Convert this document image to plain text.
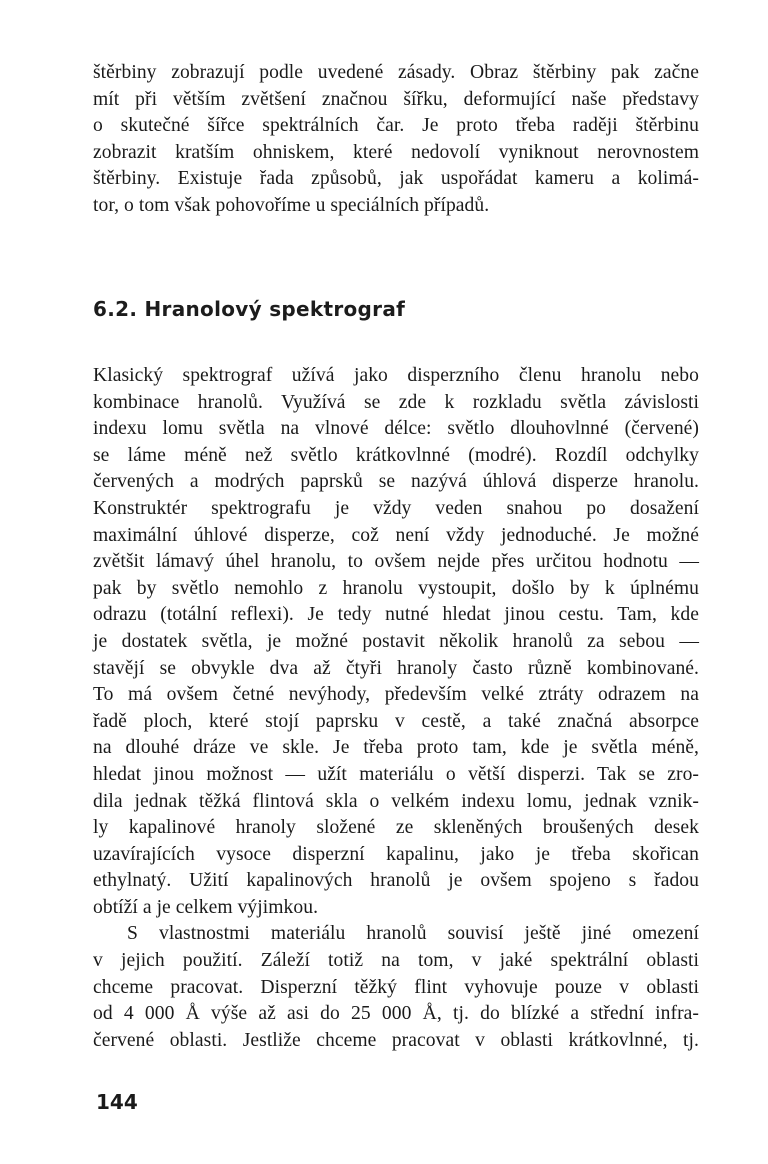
štěrbiny zobrazují podle uvedené zásady. Obraz štěrbiny pak začne
mít při větším zvětšení značnou šířku, deformující naše představy
o skutečné šířce spektrálních čar. Je proto třeba raději štěrbinu
zobrazit kratším ohniskem, které nedovolí vyniknout nerovnostem
štěrbiny. Existuje řada způsobů, jak uspořádat kameru a kolimá-
tor, o tom však pohovoříme u speciálních případů.
6.2. Hranolový spektrograf
Klasický spektrograf užívá jako disperzního členu hranolu nebo
kombinace hranolů. Využívá se zde k rozkladu světla závislosti
indexu lomu světla na vlnové délce: světlo dlouhovlnné (červené)
se láme méně než světlo krátkovlnné (modré). Rozdíl odchylky
červených a modrých paprsků se nazývá úhlová disperze hranolu.
Konstruktér spektrografu je vždy veden snahou po dosažení
maximální úhlové disperze, což není vždy jednoduché. Je možné
zvětšit lámavý úhel hranolu, to ovšem nejde přes určitou hodnotu —
pak by světlo nemohlo z hranolu vystoupit, došlo by k úplnému
odrazu (totální reflexi). Je tedy nutné hledat jinou cestu. Tam, kde
je dostatek světla, je možné postavit několik hranolů za sebou —
stavějí se obvykle dva až čtyři hranoly často různě kombinované.
To má ovšem četné nevýhody, především velké ztráty odrazem na
řadě ploch, které stojí paprsku v cestě, a také značná absorpce
na dlouhé dráze ve skle. Je třeba proto tam, kde je světla méně,
hledat jinou možnost — užít materiálu o větší disperzi. Tak se zro-
dila jednak těžká flintová skla o velkém indexu lomu, jednak vznik-
ly kapalinové hranoly složené ze skleněných broušených desek
uzavírajících vysoce disperzní kapalinu, jako je třeba skořican
ethylnatý. Užití kapalinových hranolů je ovšem spojeno s řadou
obtíží a je celkem výjimkou.
S vlastnostmi materiálu hranolů souvisí ještě jiné omezení
v jejich použití. Záleží totiž na tom, v jaké spektrální oblasti
chceme pracovat. Disperzní těžký flint vyhovuje pouze v oblasti
od 4 000 Å výše až asi do 25 000 Å, tj. do blízké a střední infra-
červené oblasti. Jestliže chceme pracovat v oblasti krátkovlnné, tj.
144
